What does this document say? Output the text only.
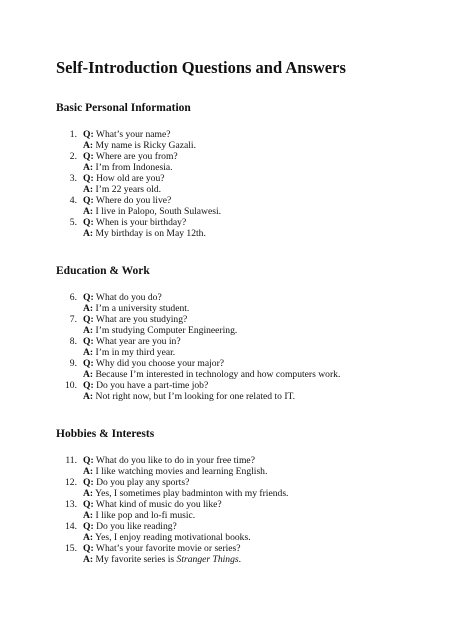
Self-Introduction Questions and Answers
Basic Personal Information
1. Q: What’s your name?
A: My name is Ricky Gazali.
2. Q: Where are you from?
A: I’m from Indonesia.
3. Q: How old are you?
A: I’m 22 years old.
4. Q: Where do you live?
A: I live in Palopo, South Sulawesi.
5. Q: When is your birthday?
A: My birthday is on May 12th.
Education & Work
6. Q: What do you do?
A: I’m a university student.
7. Q: What are you studying?
A: I’m studying Computer Engineering.
8. Q: What year are you in?
A: I’m in my third year.
9. Q: Why did you choose your major?
A: Because I’m interested in technology and how computers work.
10. Q: Do you have a part-time job?
A: Not right now, but I’m looking for one related to IT.
Hobbies & Interests
11. Q: What do you like to do in your free time?
A: I like watching movies and learning English.
12. Q: Do you play any sports?
A: Yes, I sometimes play badminton with my friends.
13. Q: What kind of music do you like?
A: I like pop and lo-fi music.
14. Q: Do you like reading?
A: Yes, I enjoy reading motivational books.
15. Q: What’s your favorite movie or series?
A: My favorite series is Stranger Things.
